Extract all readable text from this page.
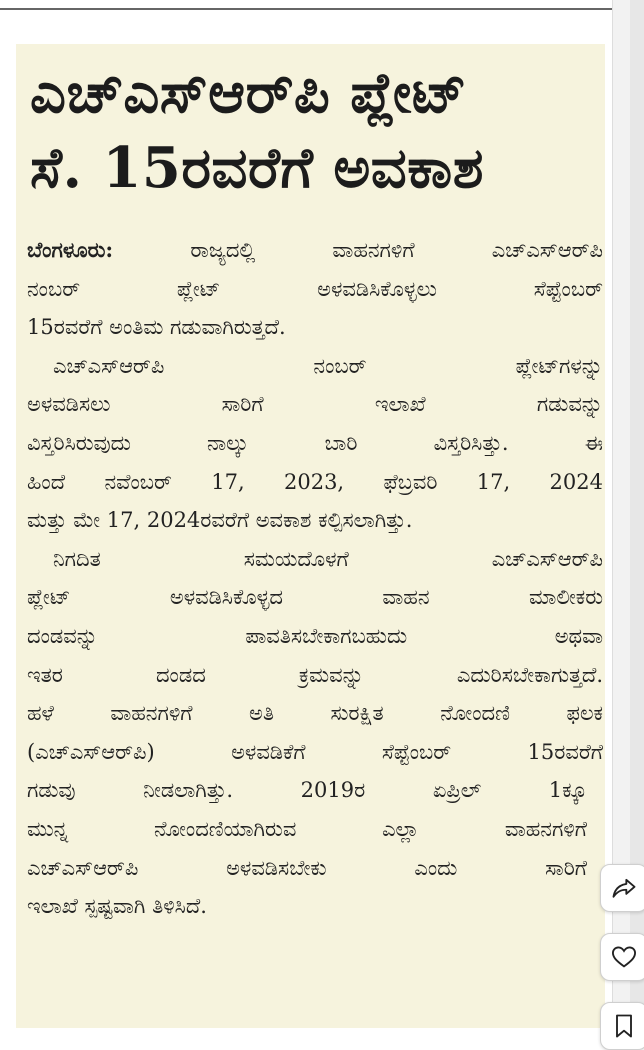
ಎಚ್‌ಎಸ್‌ಆರ್‌ಪಿ ಪ್ಲೇಟ್
ಸೆ. 15ರವರೆಗೆ ಅವಕಾಶ
ಬೆಂಗಳೂರು:	ರಾಜ್ಯದಲ್ಲಿ ವಾಹನಗಳಿಗೆ ಎಚ್‌ಎಸ್‌ಆರ್‌ಪಿ
ನಂಬರ್ ಪ್ಲೇಟ್ ಅಳವಡಿಸಿಕೊಳ್ಳಲು ಸೆಪ್ಟೆಂಬರ್
15ರವರೆಗೆ ಅಂತಿಮ ಗಡುವಾಗಿರುತ್ತದೆ.
ಎಚ್‌ಎಸ್‌ಆರ್‌ಪಿ ನಂಬರ್ ಪ್ಲೇಟ್‌ಗಳನ್ನು
ಅಳವಡಿಸಲು ಸಾರಿಗೆ ಇಲಾಖೆ ಗಡುವನ್ನು
ವಿಸ್ತರಿಸಿರುವುದು ನಾಲ್ಕು ಬಾರಿ ವಿಸ್ತರಿಸಿತ್ತು. ಈ
ಹಿಂದೆ ನವೆಂಬರ್ 17, 2023, ಫೆಬ್ರವರಿ 17, 2024
ಮತ್ತು ಮೇ 17, 2024ರವರೆಗೆ ಅವಕಾಶ ಕಲ್ಪಿಸಲಾಗಿತ್ತು.
ನಿಗದಿತ ಸಮಯದೊಳಗೆ ಎಚ್‌ಎಸ್‌ಆರ್‌ಪಿ
ಪ್ಲೇಟ್ ಅಳವಡಿಸಿಕೊಳ್ಳದ ವಾಹನ ಮಾಲೀಕರು
ದಂಡವನ್ನು ಪಾವತಿಸಬೇಕಾಗಬಹುದು ಅಥವಾ
ಇತರ ದಂಡದ ಕ್ರಮವನ್ನು ಎದುರಿಸಬೇಕಾಗುತ್ತದೆ.
ಹಳೆ ವಾಹನಗಳಿಗೆ ಅತಿ ಸುರಕ್ಷಿತ ನೋಂದಣಿ ಫಲಕ
(ಎಚ್‌ಎಸ್‌ಆರ್‌ಪಿ) ಅಳವಡಿಕೆಗೆ ಸೆಪ್ಟೆಂಬರ್ 15ರವರೆಗೆ
ಗಡುವು ನೀಡಲಾಗಿತ್ತು. 2019ರ ಏಪ್ರಿಲ್ 1ಕ್ಕೂ
ಮುನ್ನ ನೋಂದಣಿಯಾಗಿರುವ ಎಲ್ಲಾ ವಾಹನಗಳಿಗೆ
ಎಚ್‌ಎಸ್‌ಆರ್‌ಪಿ ಅಳವಡಿಸಬೇಕು ಎಂದು ಸಾರಿಗೆ
ಇಲಾಖೆ ಸ್ಪಷ್ಟವಾಗಿ ತಿಳಿಸಿದೆ.
